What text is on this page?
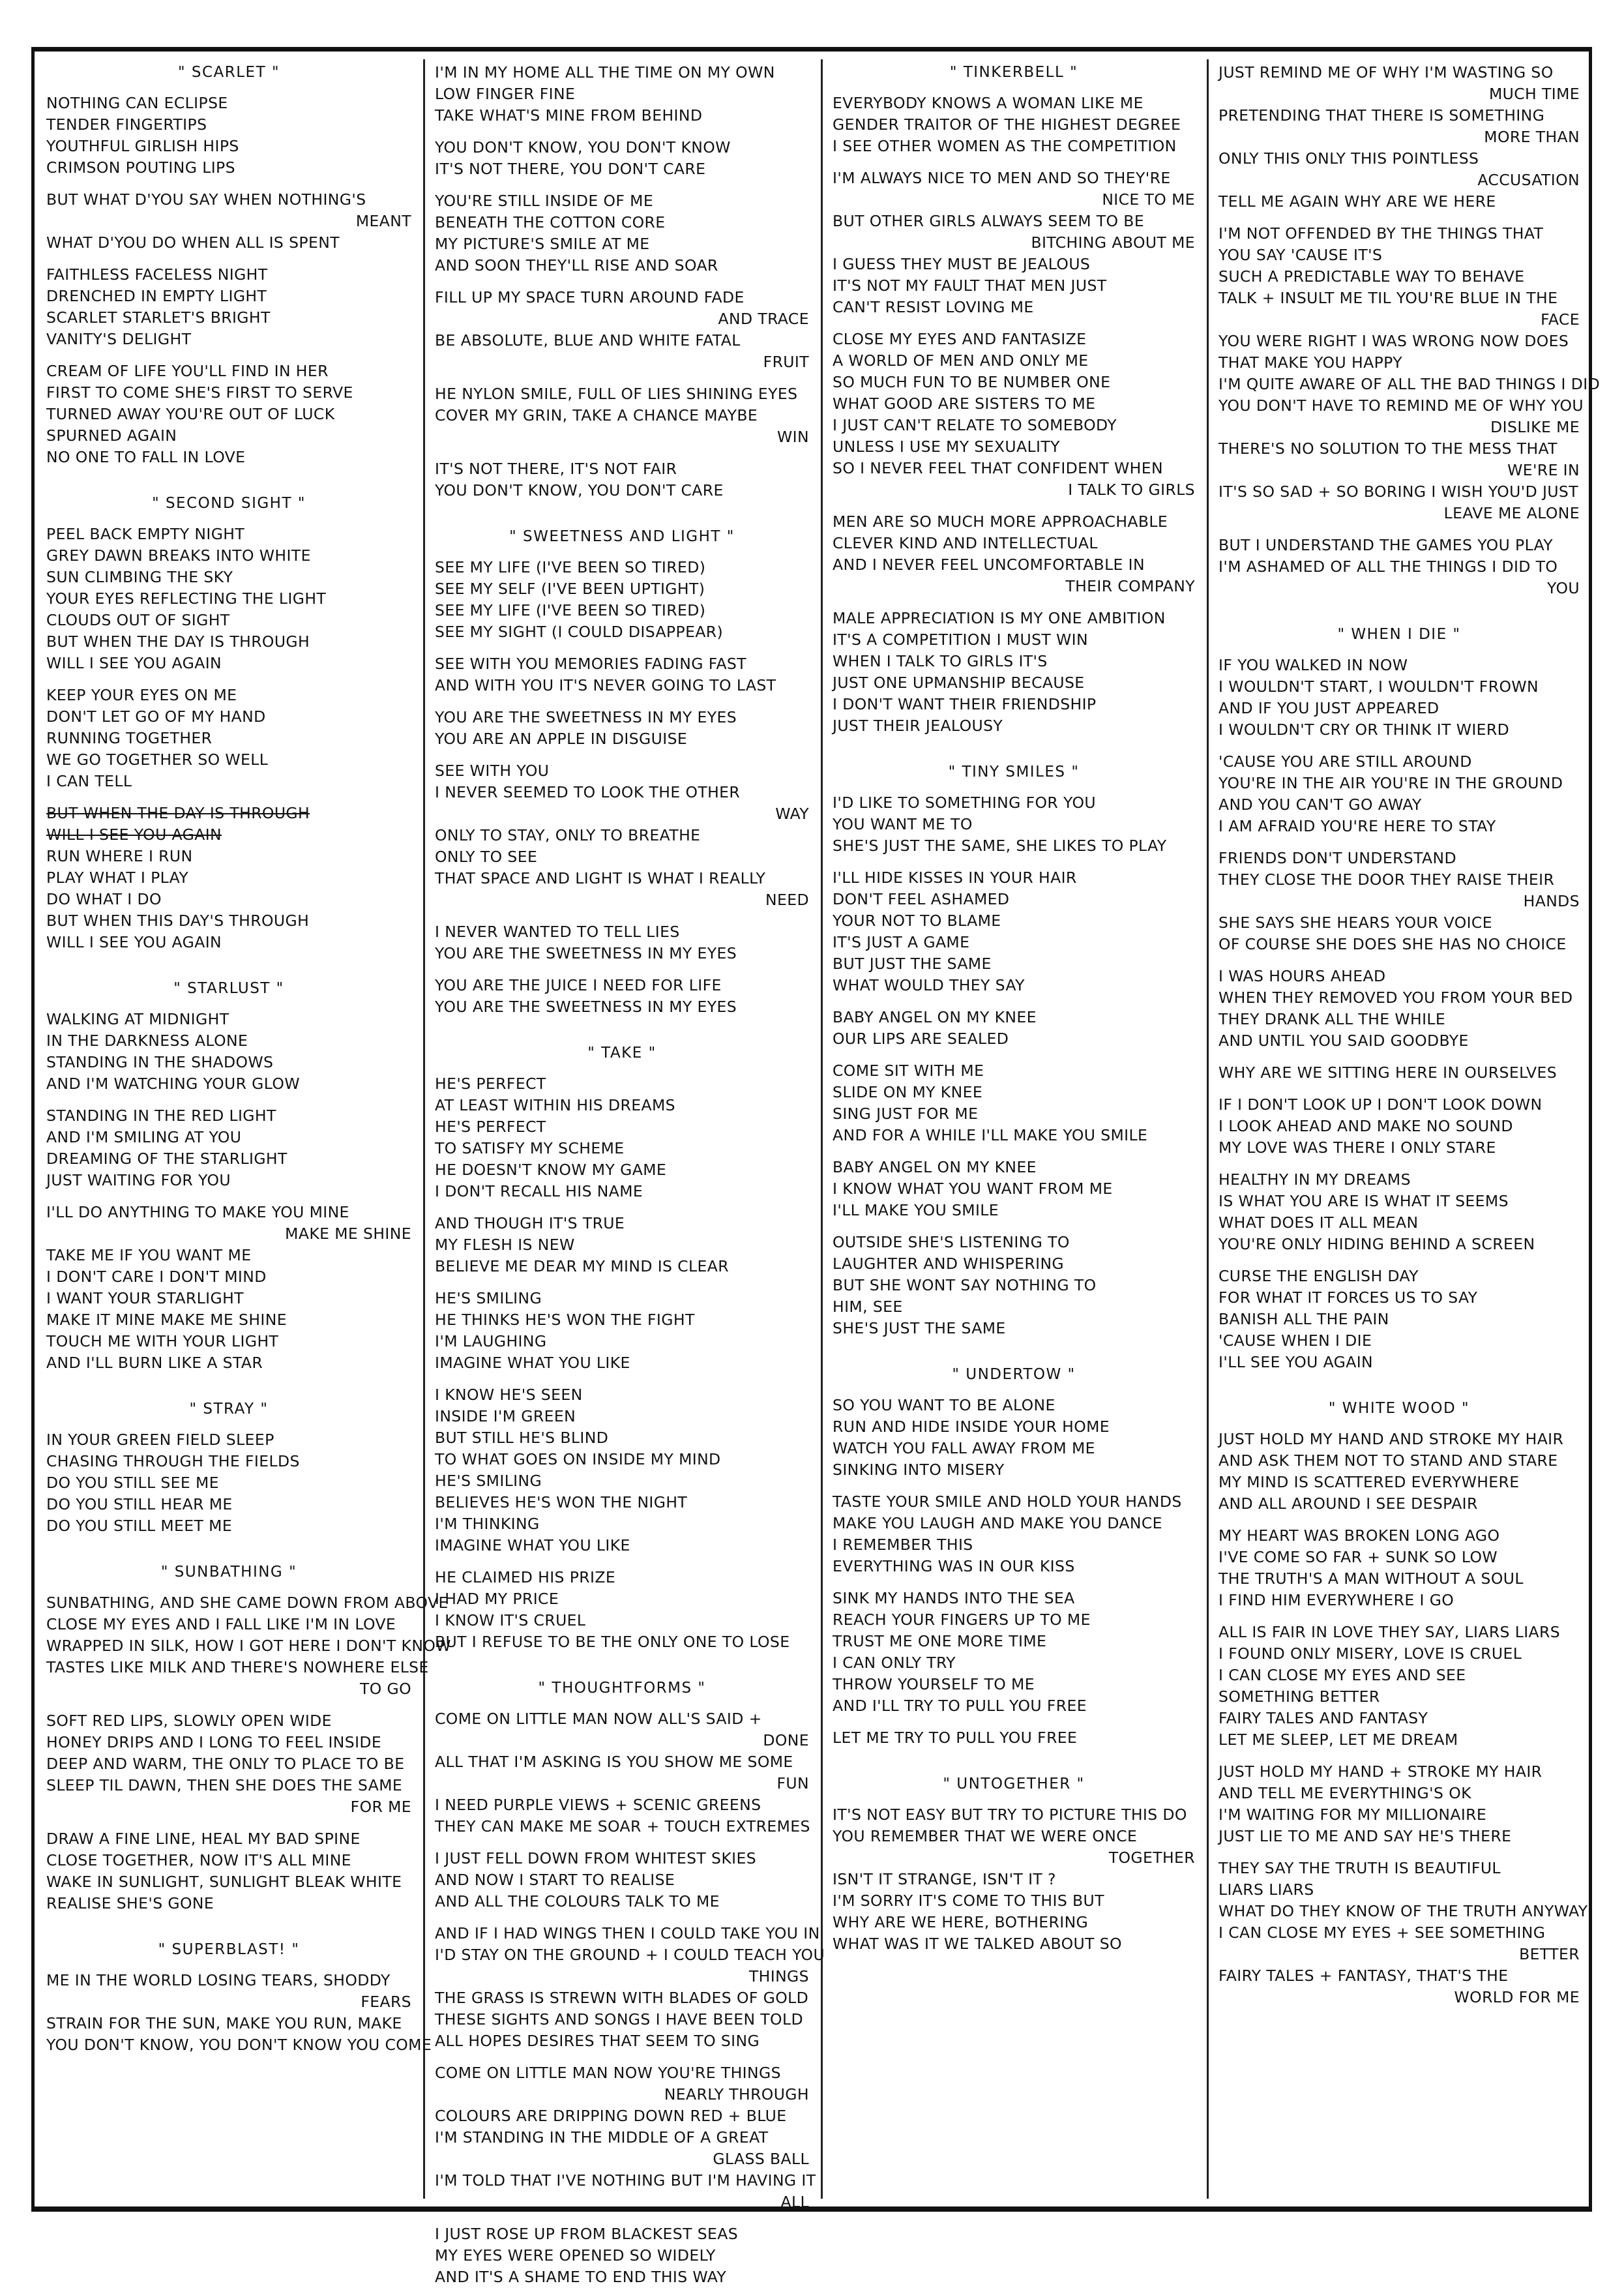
" SCARLET "
NOTHING CAN ECLIPSE
TENDER FINGERTIPS
YOUTHFUL GIRLISH HIPS
CRIMSON POUTING LIPS
BUT WHAT D'YOU SAY WHEN NOTHING'S
MEANT
WHAT D'YOU DO WHEN ALL IS SPENT
FAITHLESS FACELESS NIGHT
DRENCHED IN EMPTY LIGHT
SCARLET STARLET'S BRIGHT
VANITY'S DELIGHT
CREAM OF LIFE YOU'LL FIND IN HER
FIRST TO COME SHE'S FIRST TO SERVE
TURNED AWAY YOU'RE OUT OF LUCK
SPURNED AGAIN
NO ONE TO FALL IN LOVE
" SECOND SIGHT "
PEEL BACK EMPTY NIGHT
GREY DAWN BREAKS INTO WHITE
SUN CLIMBING THE SKY
YOUR EYES REFLECTING THE LIGHT
CLOUDS OUT OF SIGHT
BUT WHEN THE DAY IS THROUGH
WILL I SEE YOU AGAIN
KEEP YOUR EYES ON ME
DON'T LET GO OF MY HAND
RUNNING TOGETHER
WE GO TOGETHER SO WELL
I CAN TELL
BUT WHEN THE DAY IS THROUGH
WILL I SEE YOU AGAIN
RUN WHERE I RUN
PLAY WHAT I PLAY
DO WHAT I DO
BUT WHEN THIS DAY'S THROUGH
WILL I SEE YOU AGAIN
" STARLUST "
WALKING AT MIDNIGHT
IN THE DARKNESS ALONE
STANDING IN THE SHADOWS
AND I'M WATCHING YOUR GLOW
STANDING IN THE RED LIGHT
AND I'M SMILING AT YOU
DREAMING OF THE STARLIGHT
JUST WAITING FOR YOU
I'LL DO ANYTHING TO MAKE YOU MINE
MAKE ME SHINE
TAKE ME IF YOU WANT ME
I DON'T CARE I DON'T MIND
I WANT YOUR STARLIGHT
MAKE IT MINE MAKE ME SHINE
TOUCH ME WITH YOUR LIGHT
AND I'LL BURN LIKE A STAR
" STRAY "
IN YOUR GREEN FIELD SLEEP
CHASING THROUGH THE FIELDS
DO YOU STILL SEE ME
DO YOU STILL HEAR ME
DO YOU STILL MEET ME
" SUNBATHING "
SUNBATHING, AND SHE CAME DOWN FROM ABOVE
CLOSE MY EYES AND I FALL LIKE I'M IN LOVE
WRAPPED IN SILK, HOW I GOT HERE I DON'T KNOW
TASTES LIKE MILK AND THERE'S NOWHERE ELSE
TO GO
SOFT RED LIPS, SLOWLY OPEN WIDE
HONEY DRIPS AND I LONG TO FEEL INSIDE
DEEP AND WARM, THE ONLY TO PLACE TO BE
SLEEP TIL DAWN, THEN SHE DOES THE SAME
FOR ME
DRAW A FINE LINE, HEAL MY BAD SPINE
CLOSE TOGETHER, NOW IT'S ALL MINE
WAKE IN SUNLIGHT, SUNLIGHT BLEAK WHITE
REALISE SHE'S GONE
" SUPERBLAST! "
ME IN THE WORLD LOSING TEARS, SHODDY
FEARS
STRAIN FOR THE SUN, MAKE YOU RUN, MAKE
YOU DON'T KNOW, YOU DON'T KNOW YOU COME
I'M IN MY HOME ALL THE TIME ON MY OWN
LOW FINGER FINE
TAKE WHAT'S MINE FROM BEHIND
YOU DON'T KNOW, YOU DON'T KNOW
IT'S NOT THERE, YOU DON'T CARE
YOU'RE STILL INSIDE OF ME
BENEATH THE COTTON CORE
MY PICTURE'S SMILE AT ME
AND SOON THEY'LL RISE AND SOAR
FILL UP MY SPACE TURN AROUND FADE
AND TRACE
BE ABSOLUTE, BLUE AND WHITE FATAL
FRUIT
HE NYLON SMILE, FULL OF LIES SHINING EYES
COVER MY GRIN, TAKE A CHANCE MAYBE
WIN
IT'S NOT THERE, IT'S NOT FAIR
YOU DON'T KNOW, YOU DON'T CARE
" SWEETNESS AND LIGHT "
SEE MY LIFE (I'VE BEEN SO TIRED)
SEE MY SELF (I'VE BEEN UPTIGHT)
SEE MY LIFE (I'VE BEEN SO TIRED)
SEE MY SIGHT (I COULD DISAPPEAR)
SEE WITH YOU MEMORIES FADING FAST
AND WITH YOU IT'S NEVER GOING TO LAST
YOU ARE THE SWEETNESS IN MY EYES
YOU ARE AN APPLE IN DISGUISE
SEE WITH YOU
I NEVER SEEMED TO LOOK THE OTHER
WAY
ONLY TO STAY, ONLY TO BREATHE
ONLY TO SEE
THAT SPACE AND LIGHT IS WHAT I REALLY
NEED
I NEVER WANTED TO TELL LIES
YOU ARE THE SWEETNESS IN MY EYES
YOU ARE THE JUICE I NEED FOR LIFE
YOU ARE THE SWEETNESS IN MY EYES
" TAKE "
HE'S PERFECT
AT LEAST WITHIN HIS DREAMS
HE'S PERFECT
TO SATISFY MY SCHEME
HE DOESN'T KNOW MY GAME
I DON'T RECALL HIS NAME
AND THOUGH IT'S TRUE
MY FLESH IS NEW
BELIEVE ME DEAR MY MIND IS CLEAR
HE'S SMILING
HE THINKS HE'S WON THE FIGHT
I'M LAUGHING
IMAGINE WHAT YOU LIKE
I KNOW HE'S SEEN
INSIDE I'M GREEN
BUT STILL HE'S BLIND
TO WHAT GOES ON INSIDE MY MIND
HE'S SMILING
BELIEVES HE'S WON THE NIGHT
I'M THINKING
IMAGINE WHAT YOU LIKE
HE CLAIMED HIS PRIZE
I HAD MY PRICE
I KNOW IT'S CRUEL
BUT I REFUSE TO BE THE ONLY ONE TO LOSE
" THOUGHTFORMS "
COME ON LITTLE MAN NOW ALL'S SAID +
DONE
ALL THAT I'M ASKING IS YOU SHOW ME SOME
FUN
I NEED PURPLE VIEWS + SCENIC GREENS
THEY CAN MAKE ME SOAR + TOUCH EXTREMES
I JUST FELL DOWN FROM WHITEST SKIES
AND NOW I START TO REALISE
AND ALL THE COLOURS TALK TO ME
AND IF I HAD WINGS THEN I COULD TAKE YOU IN
I'D STAY ON THE GROUND + I COULD TEACH YOU
THINGS
THE GRASS IS STREWN WITH BLADES OF GOLD
THESE SIGHTS AND SONGS I HAVE BEEN TOLD
ALL HOPES DESIRES THAT SEEM TO SING
COME ON LITTLE MAN NOW YOU'RE THINGS
NEARLY THROUGH
COLOURS ARE DRIPPING DOWN RED + BLUE
I'M STANDING IN THE MIDDLE OF A GREAT
GLASS BALL
I'M TOLD THAT I'VE NOTHING BUT I'M HAVING IT
ALL
I JUST ROSE UP FROM BLACKEST SEAS
MY EYES WERE OPENED SO WIDELY
AND IT'S A SHAME TO END THIS WAY
" TINKERBELL "
EVERYBODY KNOWS A WOMAN LIKE ME
GENDER TRAITOR OF THE HIGHEST DEGREE
I SEE OTHER WOMEN AS THE COMPETITION
I'M ALWAYS NICE TO MEN AND SO THEY'RE
NICE TO ME
BUT OTHER GIRLS ALWAYS SEEM TO BE
BITCHING ABOUT ME
I GUESS THEY MUST BE JEALOUS
IT'S NOT MY FAULT THAT MEN JUST
CAN'T RESIST LOVING ME
CLOSE MY EYES AND FANTASIZE
A WORLD OF MEN AND ONLY ME
SO MUCH FUN TO BE NUMBER ONE
WHAT GOOD ARE SISTERS TO ME
I JUST CAN'T RELATE TO SOMEBODY
UNLESS I USE MY SEXUALITY
SO I NEVER FEEL THAT CONFIDENT WHEN
I TALK TO GIRLS
MEN ARE SO MUCH MORE APPROACHABLE
CLEVER KIND AND INTELLECTUAL
AND I NEVER FEEL UNCOMFORTABLE IN
THEIR COMPANY
MALE APPRECIATION IS MY ONE AMBITION
IT'S A COMPETITION I MUST WIN
WHEN I TALK TO GIRLS IT'S
JUST ONE UPMANSHIP BECAUSE
I DON'T WANT THEIR FRIENDSHIP
JUST THEIR JEALOUSY
" TINY SMILES "
I'D LIKE TO SOMETHING FOR YOU
YOU WANT ME TO
SHE'S JUST THE SAME, SHE LIKES TO PLAY
I'LL HIDE KISSES IN YOUR HAIR
DON'T FEEL ASHAMED
YOUR NOT TO BLAME
IT'S JUST A GAME
BUT JUST THE SAME
WHAT WOULD THEY SAY
BABY ANGEL ON MY KNEE
OUR LIPS ARE SEALED
COME SIT WITH ME
SLIDE ON MY KNEE
SING JUST FOR ME
AND FOR A WHILE I'LL MAKE YOU SMILE
BABY ANGEL ON MY KNEE
I KNOW WHAT YOU WANT FROM ME
I'LL MAKE YOU SMILE
OUTSIDE SHE'S LISTENING TO
LAUGHTER AND WHISPERING
BUT SHE WONT SAY NOTHING TO
HIM, SEE
SHE'S JUST THE SAME
" UNDERTOW "
SO YOU WANT TO BE ALONE
RUN AND HIDE INSIDE YOUR HOME
WATCH YOU FALL AWAY FROM ME
SINKING INTO MISERY
TASTE YOUR SMILE AND HOLD YOUR HANDS
MAKE YOU LAUGH AND MAKE YOU DANCE
I REMEMBER THIS
EVERYTHING WAS IN OUR KISS
SINK MY HANDS INTO THE SEA
REACH YOUR FINGERS UP TO ME
TRUST ME ONE MORE TIME
I CAN ONLY TRY
THROW YOURSELF TO ME
AND I'LL TRY TO PULL YOU FREE
LET ME TRY TO PULL YOU FREE
" UNTOGETHER "
IT'S NOT EASY BUT TRY TO PICTURE THIS DO
YOU REMEMBER THAT WE WERE ONCE
TOGETHER
ISN'T IT STRANGE, ISN'T IT ?
I'M SORRY IT'S COME TO THIS BUT
WHY ARE WE HERE, BOTHERING
WHAT WAS IT WE TALKED ABOUT SO
JUST REMIND ME OF WHY I'M WASTING SO
MUCH TIME
PRETENDING THAT THERE IS SOMETHING
MORE THAN
ONLY THIS ONLY THIS POINTLESS
ACCUSATION
TELL ME AGAIN WHY ARE WE HERE
I'M NOT OFFENDED BY THE THINGS THAT
YOU SAY 'CAUSE IT'S
SUCH A PREDICTABLE WAY TO BEHAVE
TALK + INSULT ME TIL YOU'RE BLUE IN THE
FACE
YOU WERE RIGHT I WAS WRONG NOW DOES
THAT MAKE YOU HAPPY
I'M QUITE AWARE OF ALL THE BAD THINGS I DID
YOU DON'T HAVE TO REMIND ME OF WHY YOU
DISLIKE ME
THERE'S NO SOLUTION TO THE MESS THAT
WE'RE IN
IT'S SO SAD + SO BORING I WISH YOU'D JUST
LEAVE ME ALONE
BUT I UNDERSTAND THE GAMES YOU PLAY
I'M ASHAMED OF ALL THE THINGS I DID TO
YOU
" WHEN I DIE "
IF YOU WALKED IN NOW
I WOULDN'T START, I WOULDN'T FROWN
AND IF YOU JUST APPEARED
I WOULDN'T CRY OR THINK IT WIERD
'CAUSE YOU ARE STILL AROUND
YOU'RE IN THE AIR YOU'RE IN THE GROUND
AND YOU CAN'T GO AWAY
I AM AFRAID YOU'RE HERE TO STAY
FRIENDS DON'T UNDERSTAND
THEY CLOSE THE DOOR THEY RAISE THEIR
HANDS
SHE SAYS SHE HEARS YOUR VOICE
OF COURSE SHE DOES SHE HAS NO CHOICE
I WAS HOURS AHEAD
WHEN THEY REMOVED YOU FROM YOUR BED
THEY DRANK ALL THE WHILE
AND UNTIL YOU SAID GOODBYE
WHY ARE WE SITTING HERE IN OURSELVES
IF I DON'T LOOK UP I DON'T LOOK DOWN
I LOOK AHEAD AND MAKE NO SOUND
MY LOVE WAS THERE I ONLY STARE
HEALTHY IN MY DREAMS
IS WHAT YOU ARE IS WHAT IT SEEMS
WHAT DOES IT ALL MEAN
YOU'RE ONLY HIDING BEHIND A SCREEN
CURSE THE ENGLISH DAY
FOR WHAT IT FORCES US TO SAY
BANISH ALL THE PAIN
'CAUSE WHEN I DIE
I'LL SEE YOU AGAIN
" WHITE WOOD "
JUST HOLD MY HAND AND STROKE MY HAIR
AND ASK THEM NOT TO STAND AND STARE
MY MIND IS SCATTERED EVERYWHERE
AND ALL AROUND I SEE DESPAIR
MY HEART WAS BROKEN LONG AGO
I'VE COME SO FAR + SUNK SO LOW
THE TRUTH'S A MAN WITHOUT A SOUL
I FIND HIM EVERYWHERE I GO
ALL IS FAIR IN LOVE THEY SAY, LIARS LIARS
I FOUND ONLY MISERY, LOVE IS CRUEL
I CAN CLOSE MY EYES AND SEE
SOMETHING BETTER
FAIRY TALES AND FANTASY
LET ME SLEEP, LET ME DREAM
JUST HOLD MY HAND + STROKE MY HAIR
AND TELL ME EVERYTHING'S OK
I'M WAITING FOR MY MILLIONAIRE
JUST LIE TO ME AND SAY HE'S THERE
THEY SAY THE TRUTH IS BEAUTIFUL
LIARS LIARS
WHAT DO THEY KNOW OF THE TRUTH ANYWAY
I CAN CLOSE MY EYES + SEE SOMETHING
BETTER
FAIRY TALES + FANTASY, THAT'S THE
WORLD FOR ME
